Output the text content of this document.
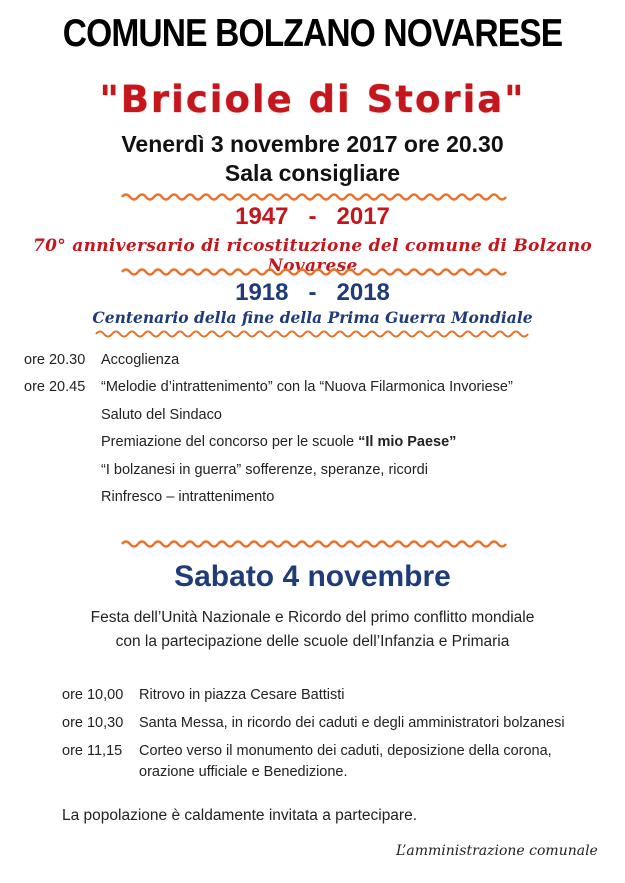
COMUNE BOLZANO NOVARESE
"Briciole di Storia"
Venerdì 3 novembre 2017 ore 20.30
Sala consigliare
1947   -   2017
70° anniversario di ricostituzione del comune di Bolzano Novarese
1918   -   2018
Centenario della fine della Prima Guerra Mondiale
ore 20.30 Accoglienza
ore 20.45 “Melodie d’intrattenimento” con la “Nuova Filarmonica Invoriese”
Saluto del Sindaco
Premiazione del concorso per le scuole “Il mio Paese”
“I bolzanesi in guerra” sofferenze, speranze, ricordi
Rinfresco – intrattenimento
Sabato 4 novembre
Festa dell’Unità Nazionale e Ricordo del primo conflitto mondiale
con la partecipazione delle scuole dell’Infanzia e Primaria
ore 10,00 Ritrovo in piazza Cesare Battisti
ore 10,30 Santa Messa, in ricordo dei caduti e degli amministratori bolzanesi
ore 11,15 Corteo verso il monumento dei caduti, deposizione della corona,
orazione ufficiale e Benedizione.
La popolazione è caldamente invitata a partecipare.
L’amministrazione comunale
